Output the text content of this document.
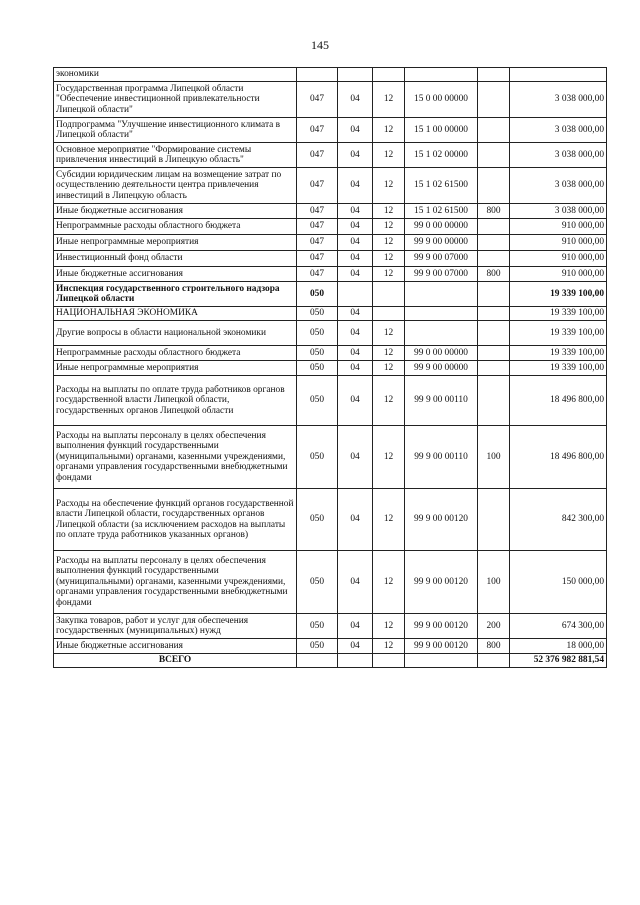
145
экономики						
Государственная программа Липецкой области "Обеспечение инвестиционной привлекательности Липецкой области"	047	04	12	15 0 00 00000		3 038 000,00
Подпрограмма "Улучшение инвестиционного климата в Липецкой области"	047	04	12	15 1 00 00000		3 038 000,00
Основное мероприятие "Формирование системы привлечения инвестиций в Липецкую область"	047	04	12	15 1 02 00000		3 038 000,00
Субсидии юридическим лицам на возмещение затрат по осуществлению деятельности центра привлечения инвестиций в Липецкую область	047	04	12	15 1 02 61500		3 038 000,00
Иные бюджетные ассигнования	047	04	12	15 1 02 61500	800	3 038 000,00
Непрограммные расходы областного бюджета	047	04	12	99 0 00 00000		910 000,00
Иные непрограммные мероприятия	047	04	12	99 9 00 00000		910 000,00
Инвестиционный фонд области	047	04	12	99 9 00 07000		910 000,00
Иные бюджетные ассигнования	047	04	12	99 9 00 07000	800	910 000,00
Инспекция государственного строительного надзора Липецкой области	050					19 339 100,00
НАЦИОНАЛЬНАЯ ЭКОНОМИКА	050	04				19 339 100,00
Другие вопросы в области национальной экономики	050	04	12			19 339 100,00
Непрограммные расходы областного бюджета	050	04	12	99 0 00 00000		19 339 100,00
Иные непрограммные мероприятия	050	04	12	99 9 00 00000		19 339 100,00
Расходы на выплаты по оплате труда работников органов государственной власти Липецкой области, государственных органов Липецкой области	050	04	12	99 9 00 00110		18 496 800,00
Расходы на выплаты персоналу в целях обеспечения выполнения функций государственными (муниципальными) органами, казенными учреждениями, органами управления государственными внебюджетными фондами	050	04	12	99 9 00 00110	100	18 496 800,00
Расходы на обеспечение функций органов государственной власти Липецкой области, государственных органов Липецкой области (за исключением расходов на выплаты по оплате труда работников указанных органов)	050	04	12	99 9 00 00120		842 300,00
Расходы на выплаты персоналу в целях обеспечения выполнения функций государственными (муниципальными) органами, казенными учреждениями, органами управления государственными внебюджетными фондами	050	04	12	99 9 00 00120	100	150 000,00
Закупка товаров, работ и услуг для обеспечения государственных (муниципальных) нужд	050	04	12	99 9 00 00120	200	674 300,00
Иные бюджетные ассигнования	050	04	12	99 9 00 00120	800	18 000,00
ВСЕГО						52 376 982 881,54
